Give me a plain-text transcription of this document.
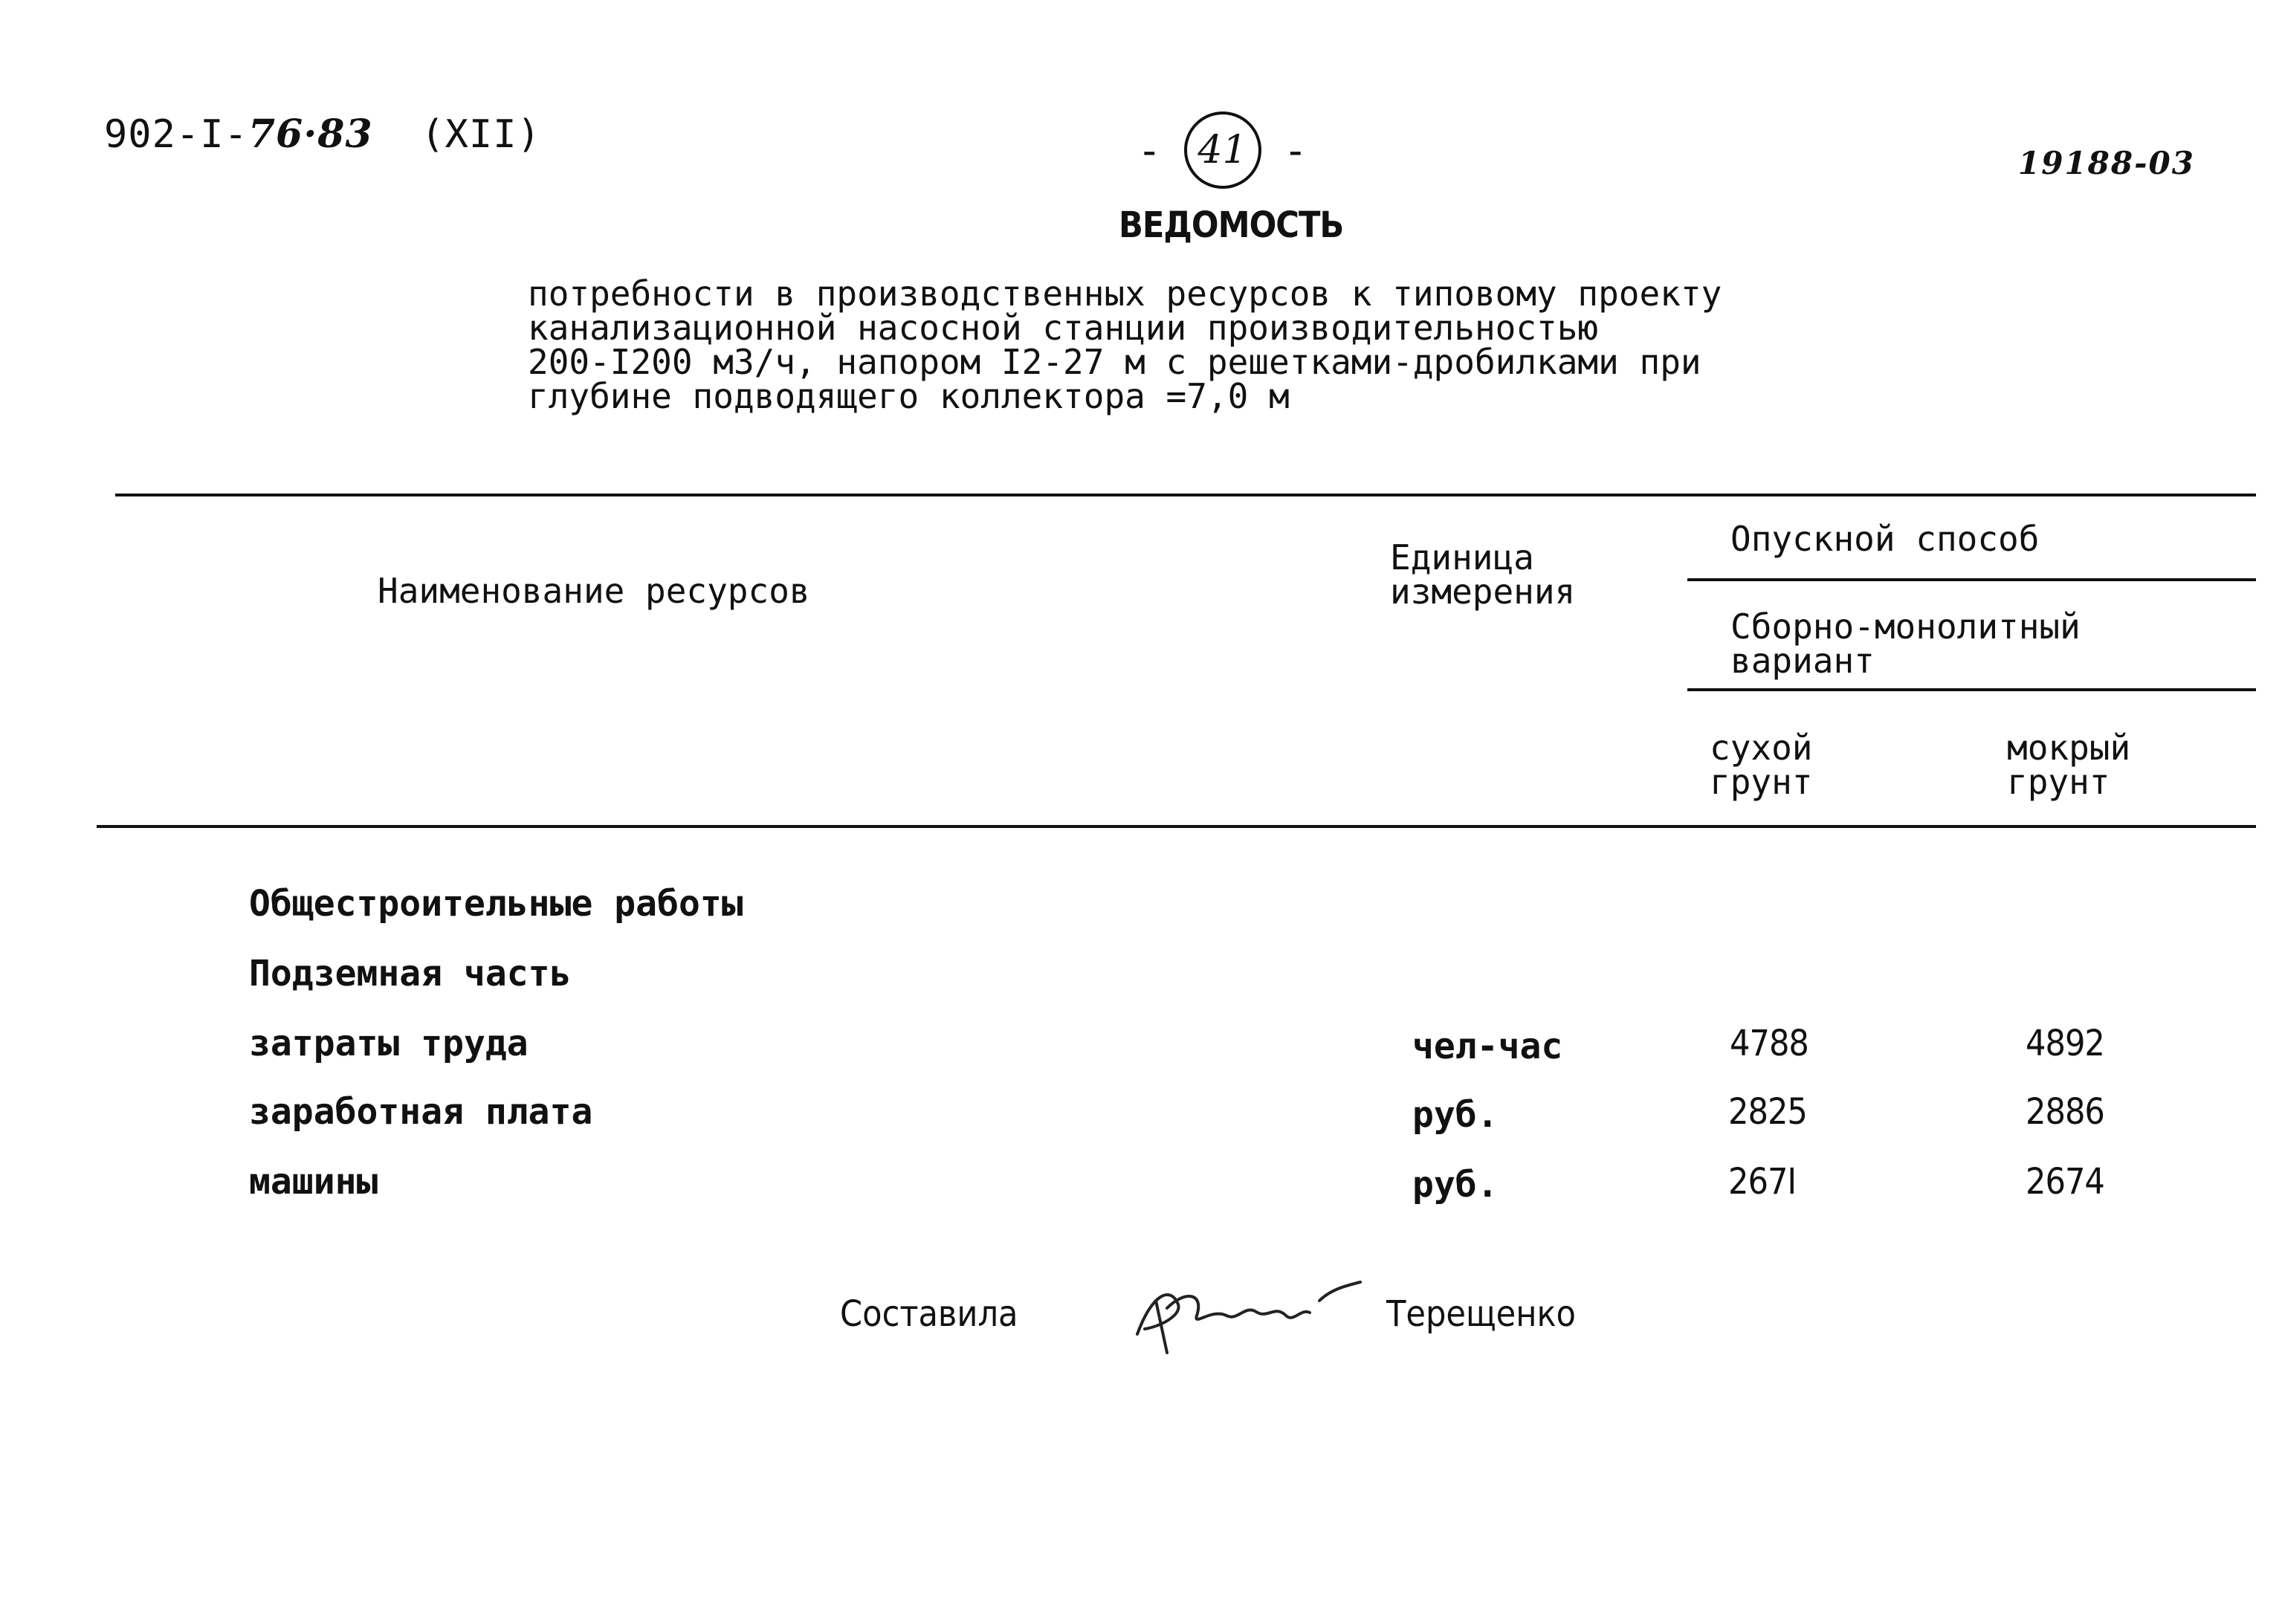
902-I-76·83 (XII)	- 41 -	19188-03
ВЕДОМОСТЬ
потребности в производственных ресурсов к типовому проекту
канализационной насосной станции производительностью
200-I200 м3/ч, напором I2-27 м с решетками-дробилками при
глубине подводящего коллектора =7,0 м
Наименование ресурсов
Единица
измерения
Опускной способ
Сборно-монолитный
вариант
сухой
грунт
мокрый
грунт
Общестроительные работы
Подземная часть
затраты труда	чел-час	4788	4892
заработная плата	руб.	2825	2886
машины	руб.	267I	2674
Составила	Терещенко
